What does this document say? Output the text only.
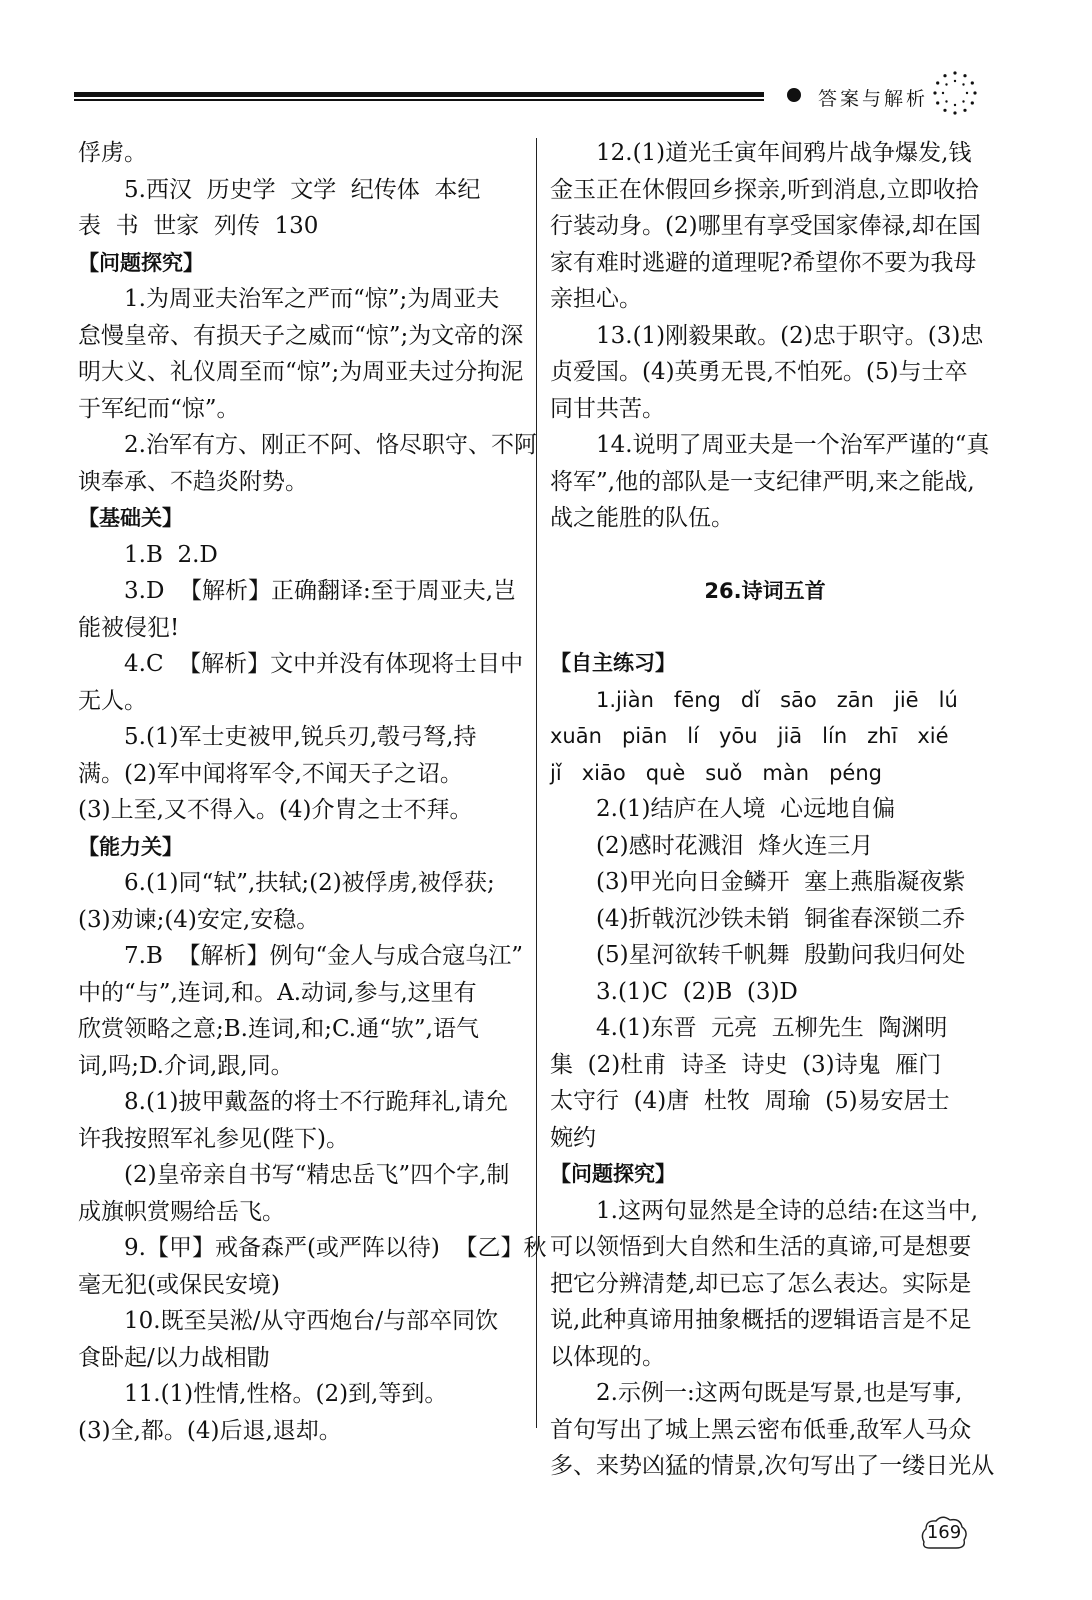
答案与解析
俘虏。
5.西汉  历史学  文学  纪传体  本纪
表  书  世家  列传  130
【问题探究】
1.为周亚夫治军之严而“惊”;为周亚夫
怠慢皇帝、有损天子之威而“惊”;为文帝的深
明大义、礼仪周至而“惊”;为周亚夫过分拘泥
于军纪而“惊”。
2.治军有方、刚正不阿、恪尽职守、不阿
谀奉承、不趋炎附势。
【基础关】
1.B  2.D
3.D  【解析】正确翻译:至于周亚夫,岂
能被侵犯!
4.C  【解析】文中并没有体现将士目中
无人。
5.(1)军士吏被甲,锐兵刃,彀弓弩,持
满。(2)军中闻将军令,不闻天子之诏。
(3)上至,又不得入。(4)介胄之士不拜。
【能力关】
6.(1)同“轼”,扶轼;(2)被俘虏,被俘获;
(3)劝谏;(4)安定,安稳。
7.B  【解析】例句“金人与成合寇乌江”
中的“与”,连词,和。A.动词,参与,这里有
欣赏领略之意;B.连词,和;C.通“欤”,语气
词,吗;D.介词,跟,同。
8.(1)披甲戴盔的将士不行跪拜礼,请允
许我按照军礼参见(陛下)。
(2)皇帝亲自书写“精忠岳飞”四个字,制
成旗帜赏赐给岳飞。
9.【甲】戒备森严(或严阵以待)  【乙】秋
毫无犯(或保民安境)
10.既至吴淞/从守西炮台/与部卒同饮
食卧起/以力战相勖
11.(1)性情,性格。(2)到,等到。
(3)全,都。(4)后退,退却。
12.(1)道光壬寅年间鸦片战争爆发,钱
金玉正在休假回乡探亲,听到消息,立即收拾
行装动身。(2)哪里有享受国家俸禄,却在国
家有难时逃避的道理呢?希望你不要为我母
亲担心。
13.(1)刚毅果敢。(2)忠于职守。(3)忠
贞爱国。(4)英勇无畏,不怕死。(5)与士卒
同甘共苦。
14.说明了周亚夫是一个治军严谨的“真
将军”,他的部队是一支纪律严明,来之能战,
战之能胜的队伍。
26.诗词五首
【自主练习】
1.jiàn   fēng   dǐ   sāo   zān   jiē   lú
xuān   piān   lí   yōu   jiā   lín   zhī   xié
jǐ   xiāo   què   suǒ   màn   péng
2.(1)结庐在人境  心远地自偏
(2)感时花溅泪  烽火连三月
(3)甲光向日金鳞开  塞上燕脂凝夜紫
(4)折戟沉沙铁未销  铜雀春深锁二乔
(5)星河欲转千帆舞  殷勤问我归何处
3.(1)C  (2)B  (3)D
4.(1)东晋  元亮  五柳先生  陶渊明
集  (2)杜甫  诗圣  诗史  (3)诗鬼  雁门
太守行  (4)唐  杜牧  周瑜  (5)易安居士
婉约
【问题探究】
1.这两句显然是全诗的总结:在这当中,
可以领悟到大自然和生活的真谛,可是想要
把它分辨清楚,却已忘了怎么表达。实际是
说,此种真谛用抽象概括的逻辑语言是不足
以体现的。
2.示例一:这两句既是写景,也是写事,
首句写出了城上黑云密布低垂,敌军人马众
多、来势凶猛的情景,次句写出了一缕日光从
169
